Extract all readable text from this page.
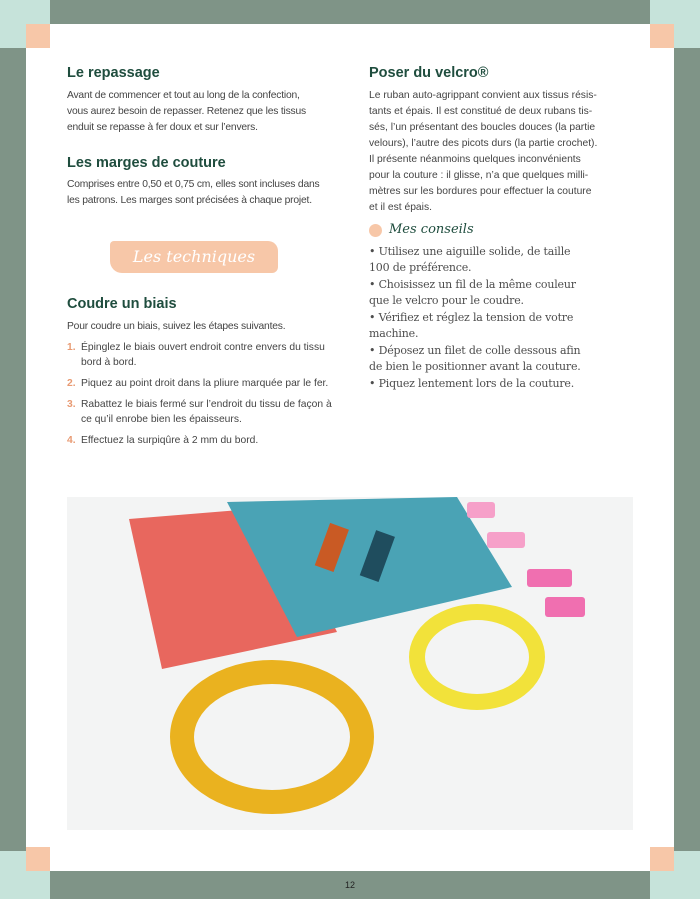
Le repassage
Avant de commencer et tout au long de la confection,
vous aurez besoin de repasser. Retenez que les tissus
enduit se repasse à fer doux et sur l’envers.
Les marges de couture
Comprises entre 0,50 et 0,75 cm, elles sont incluses dans
les patrons. Les marges sont précisées à chaque projet.
Les techniques
Coudre un biais
Pour coudre un biais, suivez les étapes suivantes.
1. Épinglez le biais ouvert endroit contre envers du tissu bord à bord.
2. Piquez au point droit dans la pliure marquée par le fer.
3. Rabattez le biais fermé sur l’endroit du tissu de façon à ce qu’il enrobe bien les épaisseurs.
4. Effectuez la surpiqûre à 2 mm du bord.
Poser du velcro®
Le ruban auto-agrippant convient aux tissus résis-
tants et épais. Il est constitué de deux rubans tis-
sés, l’un présentant des boucles douces (la partie
velours), l’autre des picots durs (la partie crochet).
Il présente néanmoins quelques inconvénients
pour la couture : il glisse, n’a que quelques milli-
mètres sur les bordures pour effectuer la couture
et il est épais.
Mes conseils
• Utilisez une aiguille solide, de taille 100 de préférence.
• Choisissez un fil de la même couleur que le velcro pour le coudre.
• Vérifiez et réglez la tension de votre machine.
• Déposez un filet de colle dessous afin de bien le positionner avant la couture.
• Piquez lentement lors de la couture.
12
